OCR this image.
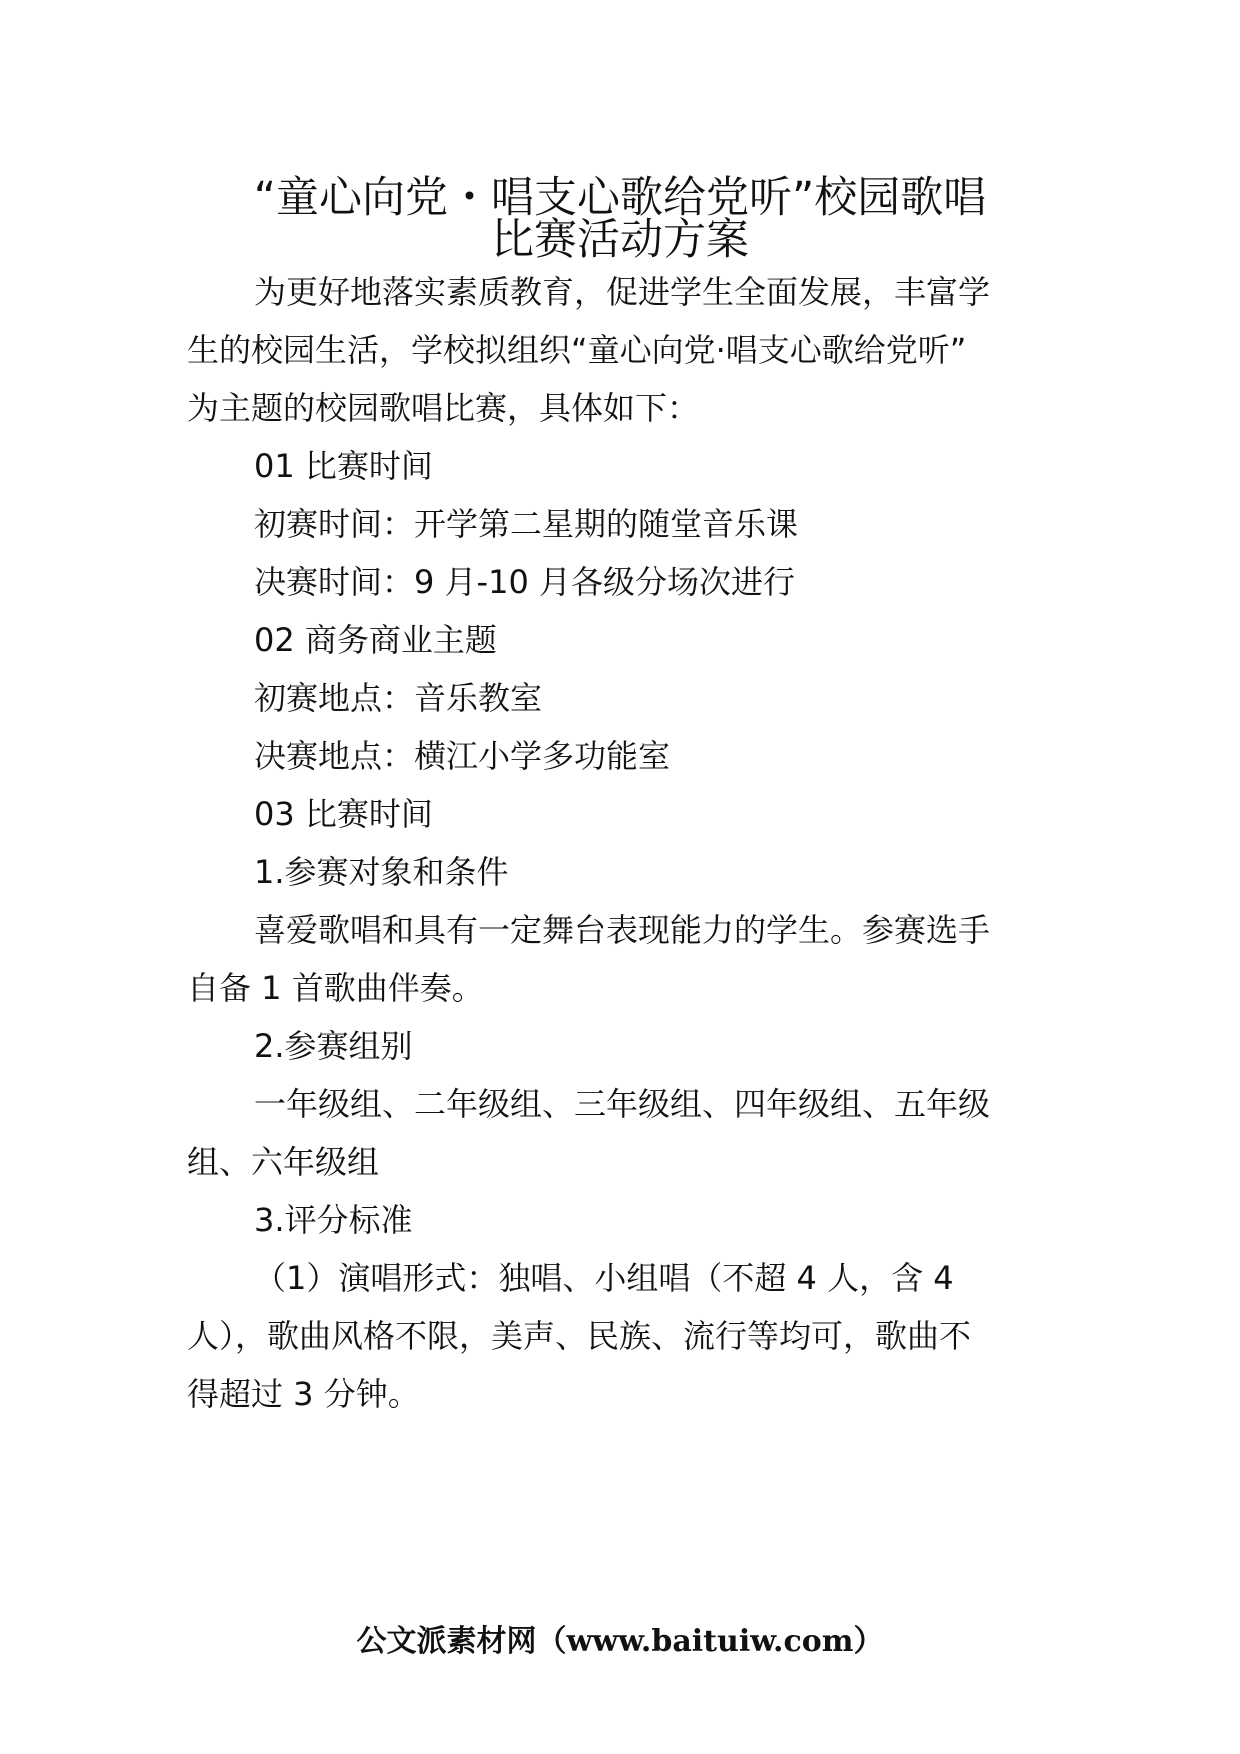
“童心向党・唱支心歌给党听”校园歌唱
比赛活动方案

为更好地落实素质教育，促进学生全面发展，丰富学

生的校园生活，学校拟组织“童心向党·唱支心歌给党听”

为主题的校园歌唱比赛，具体如下：

01 比赛时间

初赛时间：开学第二星期的随堂音乐课

决赛时间：9 月-10 月各级分场次进行

02 商务商业主题

初赛地点：音乐教室

决赛地点：横江小学多功能室

03 比赛时间

1.参赛对象和条件

喜爱歌唱和具有一定舞台表现能力的学生。参赛选手

自备 1 首歌曲伴奏。

2.参赛组别

一年级组、二年级组、三年级组、四年级组、五年级

组、六年级组

3.评分标准

（1）演唱形式：独唱、小组唱（不超 4 人，含 4

人），歌曲风格不限，美声、民族、流行等均可，歌曲不

得超过 3 分钟。

公文派素材网（www.baituiw.com）
